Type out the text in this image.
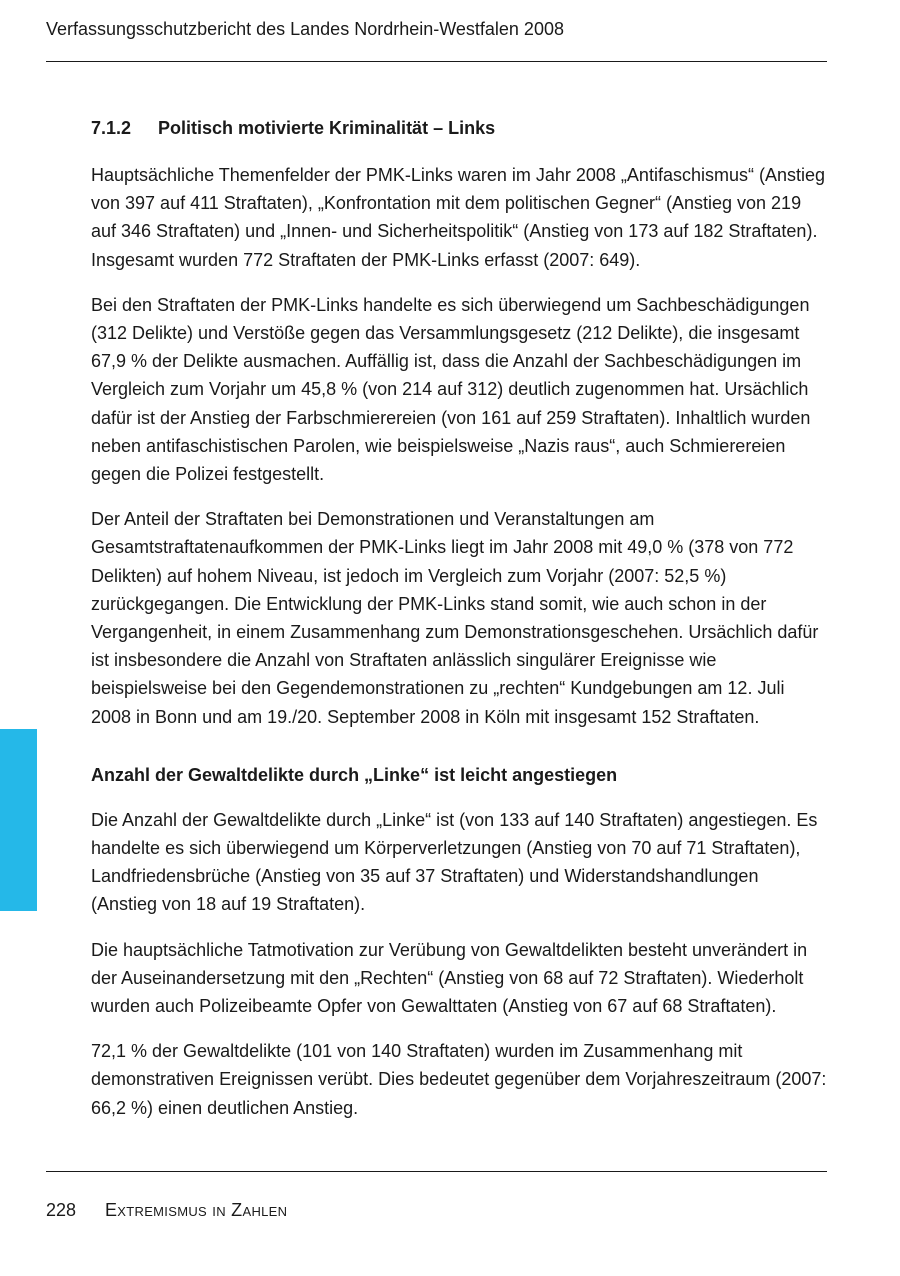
Verfassungsschutzbericht des Landes Nordrhein-Westfalen 2008
7.1.2	Politisch motivierte Kriminalität – Links

Hauptsächliche Themenfelder der PMK-Links waren im Jahr 2008 „Antifaschismus“ (Anstieg von 397 auf 411 Straftaten), „Konfrontation mit dem politischen Gegner“ (Anstieg von 219 auf 346 Straftaten) und „Innen- und Sicherheitspolitik“ (Anstieg von 173 auf 182 Straftaten). Insgesamt wurden 772 Straftaten der PMK-Links erfasst (2007: 649).

Bei den Straftaten der PMK-Links handelte es sich überwiegend um Sachbeschädigungen (312 Delikte) und Verstöße gegen das Versammlungsgesetz (212 Delikte), die insgesamt 67,9 % der Delikte ausmachen. Auffällig ist, dass die Anzahl der Sachbeschädigungen im Vergleich zum Vorjahr um 45,8 % (von 214 auf 312) deutlich zugenommen hat. Ursächlich dafür ist der Anstieg der Farbschmierereien (von 161 auf 259 Straftaten). Inhaltlich wurden neben antifaschistischen Parolen, wie beispielsweise „Nazis raus“, auch Schmierereien gegen die Polizei festgestellt.

Der Anteil der Straftaten bei Demonstrationen und Veranstaltungen am Gesamtstraftatenaufkommen der PMK-Links liegt im Jahr 2008 mit 49,0 % (378 von 772 Delikten) auf hohem Niveau, ist jedoch im Vergleich zum Vorjahr (2007: 52,5 %) zurückgegangen. Die Entwicklung der PMK-Links stand somit, wie auch schon in der Vergangenheit, in einem Zusammenhang zum Demonstrationsgeschehen. Ursächlich dafür ist insbesondere die Anzahl von Straftaten anlässlich singulärer Ereignisse wie beispielsweise bei den Gegendemonstrationen zu „rechten“ Kundgebungen am 12. Juli 2008 in Bonn und am 19./20. September 2008 in Köln mit insgesamt 152 Straftaten.

Anzahl der Gewaltdelikte durch „Linke“ ist leicht angestiegen

Die Anzahl der Gewaltdelikte durch „Linke“ ist (von 133 auf 140 Straftaten) angestiegen. Es handelte es sich überwiegend um Körperverletzungen (Anstieg von 70 auf 71 Straftaten), Landfriedensbrüche (Anstieg von 35 auf 37 Straftaten) und Widerstandshandlungen (Anstieg von 18 auf 19 Straftaten).

Die hauptsächliche Tatmotivation zur Verübung von Gewaltdelikten besteht unverändert in der Auseinandersetzung mit den „Rechten“ (Anstieg von 68 auf 72 Straftaten). Wiederholt wurden auch Polizeibeamte Opfer von Gewalttaten (Anstieg von 67 auf 68 Straftaten).

72,1 % der Gewaltdelikte (101 von 140 Straftaten) wurden im Zusammenhang mit demonstrativen Ereignissen verübt. Dies bedeutet gegenüber dem Vorjahreszeitraum (2007: 66,2 %) einen deutlichen Anstieg.

228	Extremismus in Zahlen
